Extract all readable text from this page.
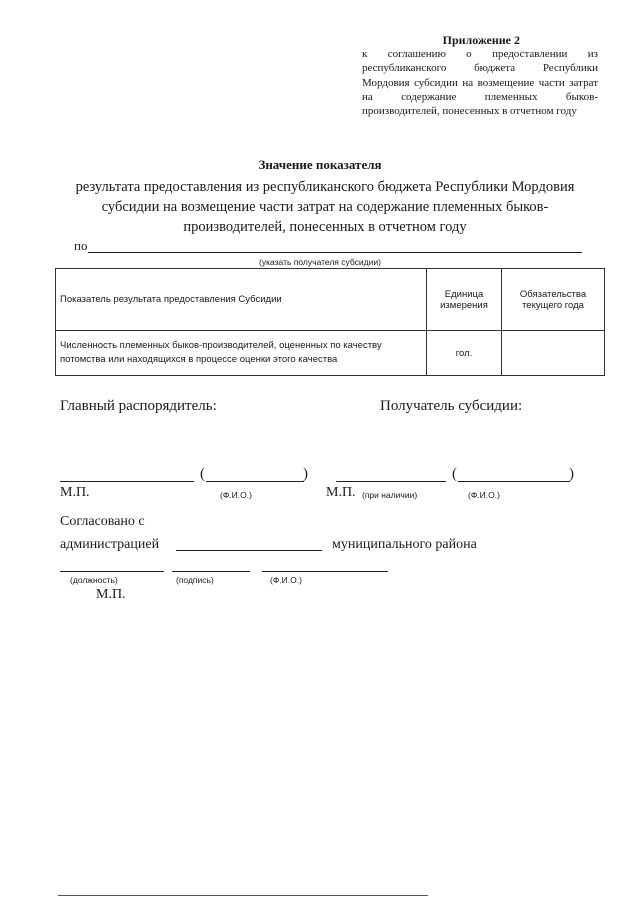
Приложение 2
к соглашению о предоставлении из республиканского бюджета Республики Мордовия субсидии на возмещение части затрат на содержание племенных быков-производителей, понесенных в отчетном году
Значение показателя
результата предоставления из республиканского бюджета Республики Мордовия субсидии на возмещение части затрат на содержание племенных быков-производителей, понесенных в отчетном году
по
(указать получателя субсидии)
Показатель результата предоставления Субсидии	Единица измерения	Обязательства текущего года
Численность племенных быков-производителей, оцененных по качеству потомства или находящихся в процессе оценки этого качества	гол.	
Главный распорядитель:	Получатель субсидии:
(	)
М.П.	(Ф.И.О.)
(	)
М.П. (при наличии)	(Ф.И.О.)
Согласовано с
администрацией	муниципального района
(должность)	(подпись)	(Ф.И.О.)
М.П.
